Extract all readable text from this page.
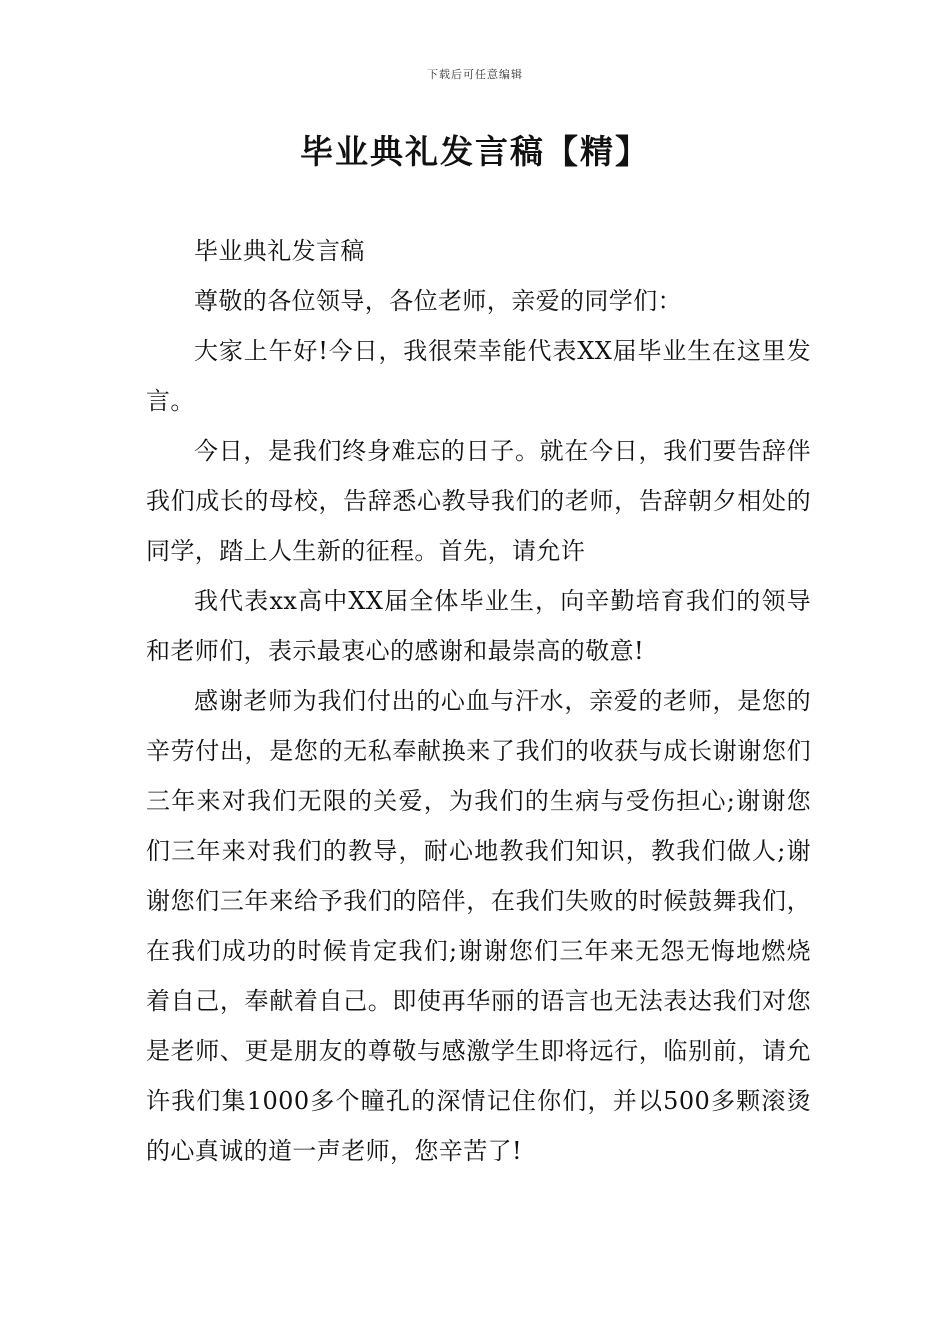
下载后可任意编辑
毕业典礼发言稿【精】

毕业典礼发言稿

尊敬的各位领导，各位老师，亲爱的同学们：

大家上午好!今日，我很荣幸能代表XX届毕业生在这里发言。

今日，是我们终身难忘的日子。就在今日，我们要告辞伴我们成长的母校，告辞悉心教导我们的老师，告辞朝夕相处的同学，踏上人生新的征程。首先，请允许

我代表xx高中XX届全体毕业生，向辛勤培育我们的领导和老师们，表示最衷心的感谢和最崇高的敬意!

感谢老师为我们付出的心血与汗水，亲爱的老师，是您的辛劳付出，是您的无私奉献换来了我们的收获与成长谢谢您们三年来对我们无限的关爱，为我们的生病与受伤担心;谢谢您们三年来对我们的教导，耐心地教我们知识，教我们做人;谢谢您们三年来给予我们的陪伴，在我们失败的时候鼓舞我们，在我们成功的时候肯定我们;谢谢您们三年来无怨无悔地燃烧着自己，奉献着自己。即使再华丽的语言也无法表达我们对您是老师、更是朋友的尊敬与感激学生即将远行，临别前，请允许我们集1000多个瞳孔的深情记住你们，并以500多颗滚烫的心真诚的道一声老师，您辛苦了!
